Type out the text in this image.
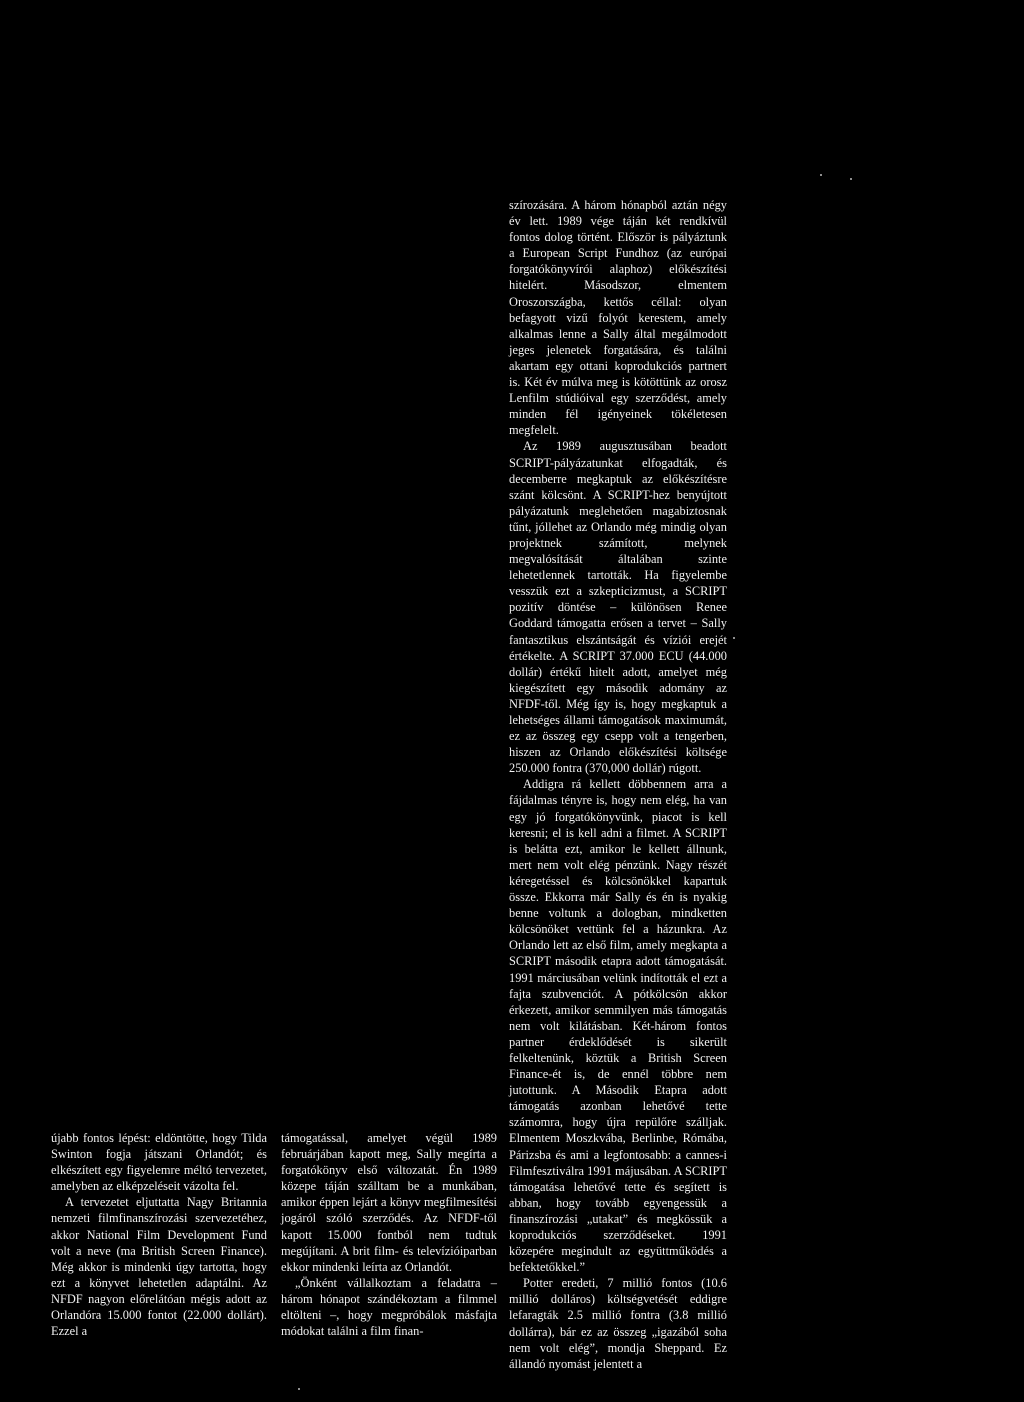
újabb fontos lépést: eldöntötte, hogy Tilda Swinton fogja játszani Orlandót; és elkészített egy figyelemre méltó tervezetet, amelyben az elképzeléseit vázolta fel.

A tervezetet eljuttatta Nagy Britannia nemzeti filmfinanszírozási szervezetéhez, akkor National Film Development Fund volt a neve (ma British Screen Finance). Még akkor is mindenki úgy tartotta, hogy ezt a könyvet lehetetlen adaptálni. Az NFDF nagyon előrelátóan mégis adott az Orlandóra 15.000 fontot (22.000 dollárt). Ezzel a

támogatással, amelyet végül 1989 februárjában kapott meg, Sally megírta a forgatókönyv első változatát. Én 1989 közepe táján szálltam be a munkában, amikor éppen lejárt a könyv megfilmesítési jogáról szóló szerződés. Az NFDF-től kapott 15.000 fontból nem tudtuk megújítani. A brit film- és televízióiparban ekkor mindenki leírta az Orlandót.

„Önként vállalkoztam a feladatra – három hónapot szándékoztam a filmmel eltölteni –, hogy megpróbálok másfajta módokat találni a film finan-

szírozására. A három hónapból aztán négy év lett. 1989 vége táján két rendkívül fontos dolog történt. Először is pályáztunk a European Script Fundhoz (az európai forgatókönyvírói alaphoz) előkészítési hitelért. Másodszor, elmentem Oroszországba, kettős céllal: olyan befagyott vizű folyót kerestem, amely alkalmas lenne a Sally által megálmodott jeges jelenetek forgatására, és találni akartam egy ottani koprodukciós partnert is. Két év múlva meg is kötöttünk az orosz Lenfilm stúdióival egy szerződést, amely minden fél igényeinek tökéletesen megfelelt.

Az 1989 augusztusában beadott SCRIPT-pályázatunkat elfogadták, és decemberre megkaptuk az előkészítésre szánt kölcsönt. A SCRIPT-hez benyújtott pályázatunk meglehetően magabiztosnak tűnt, jóllehet az Orlando még mindig olyan projektnek számított, melynek megvalósítását általában szinte lehetetlennek tartották. Ha figyelembe vesszük ezt a szkepticizmust, a SCRIPT pozitív döntése – különösen Renee Goddard támogatta erősen a tervet – Sally fantasztikus elszántságát és víziói erejét értékelte. A SCRIPT 37.000 ECU (44.000 dollár) értékű hitelt adott, amelyet még kiegészített egy második adomány az NFDF-től. Még így is, hogy megkaptuk a lehetséges állami támogatások maximumát, ez az összeg egy csepp volt a tengerben, hiszen az Orlando előkészítési költsége 250.000 fontra (370,000 dollár) rúgott.

Addigra rá kellett döbbennem arra a fájdalmas tényre is, hogy nem elég, ha van egy jó forgatókönyvünk, piacot is kell keresni; el is kell adni a filmet. A SCRIPT is belátta ezt, amikor le kellett állnunk, mert nem volt elég pénzünk. Nagy részét kéregetéssel és kölcsönökkel kapartuk össze. Ekkorra már Sally és én is nyakig benne voltunk a dologban, mindketten kölcsönöket vettünk fel a házunkra. Az Orlando lett az első film, amely megkapta a SCRIPT második etapra adott támogatását. 1991 márciusában velünk indították el ezt a fajta szubvenciót. A pótkölcsön akkor érkezett, amikor semmilyen más támogatás nem volt kilátásban. Két-három fontos partner érdeklődését is sikerült felkeltenünk, köztük a British Screen Finance-ét is, de ennél többre nem jutottunk. A Második Etapra adott támogatás azonban lehetővé tette számomra, hogy újra repülőre szálljak. Elmentem Moszkvába, Berlinbe, Rómába, Párizsba és ami a legfontosabb: a cannes-i Filmfesztiválra 1991 májusában. A SCRIPT támogatása lehetővé tette és segített is abban, hogy tovább egyengessük a finanszírozási „utakat” és megkössük a koprodukciós szerződéseket. 1991 közepére megindult az együttműködés a befektetőkkel.”

Potter eredeti, 7 millió fontos (10.6 millió dolláros) költségvetését eddigre lefaragták 2.5 millió fontra (3.8 millió dollárra), bár ez az összeg „igazából soha nem volt elég”, mondja Sheppard. Ez állandó nyomást jelentett a
